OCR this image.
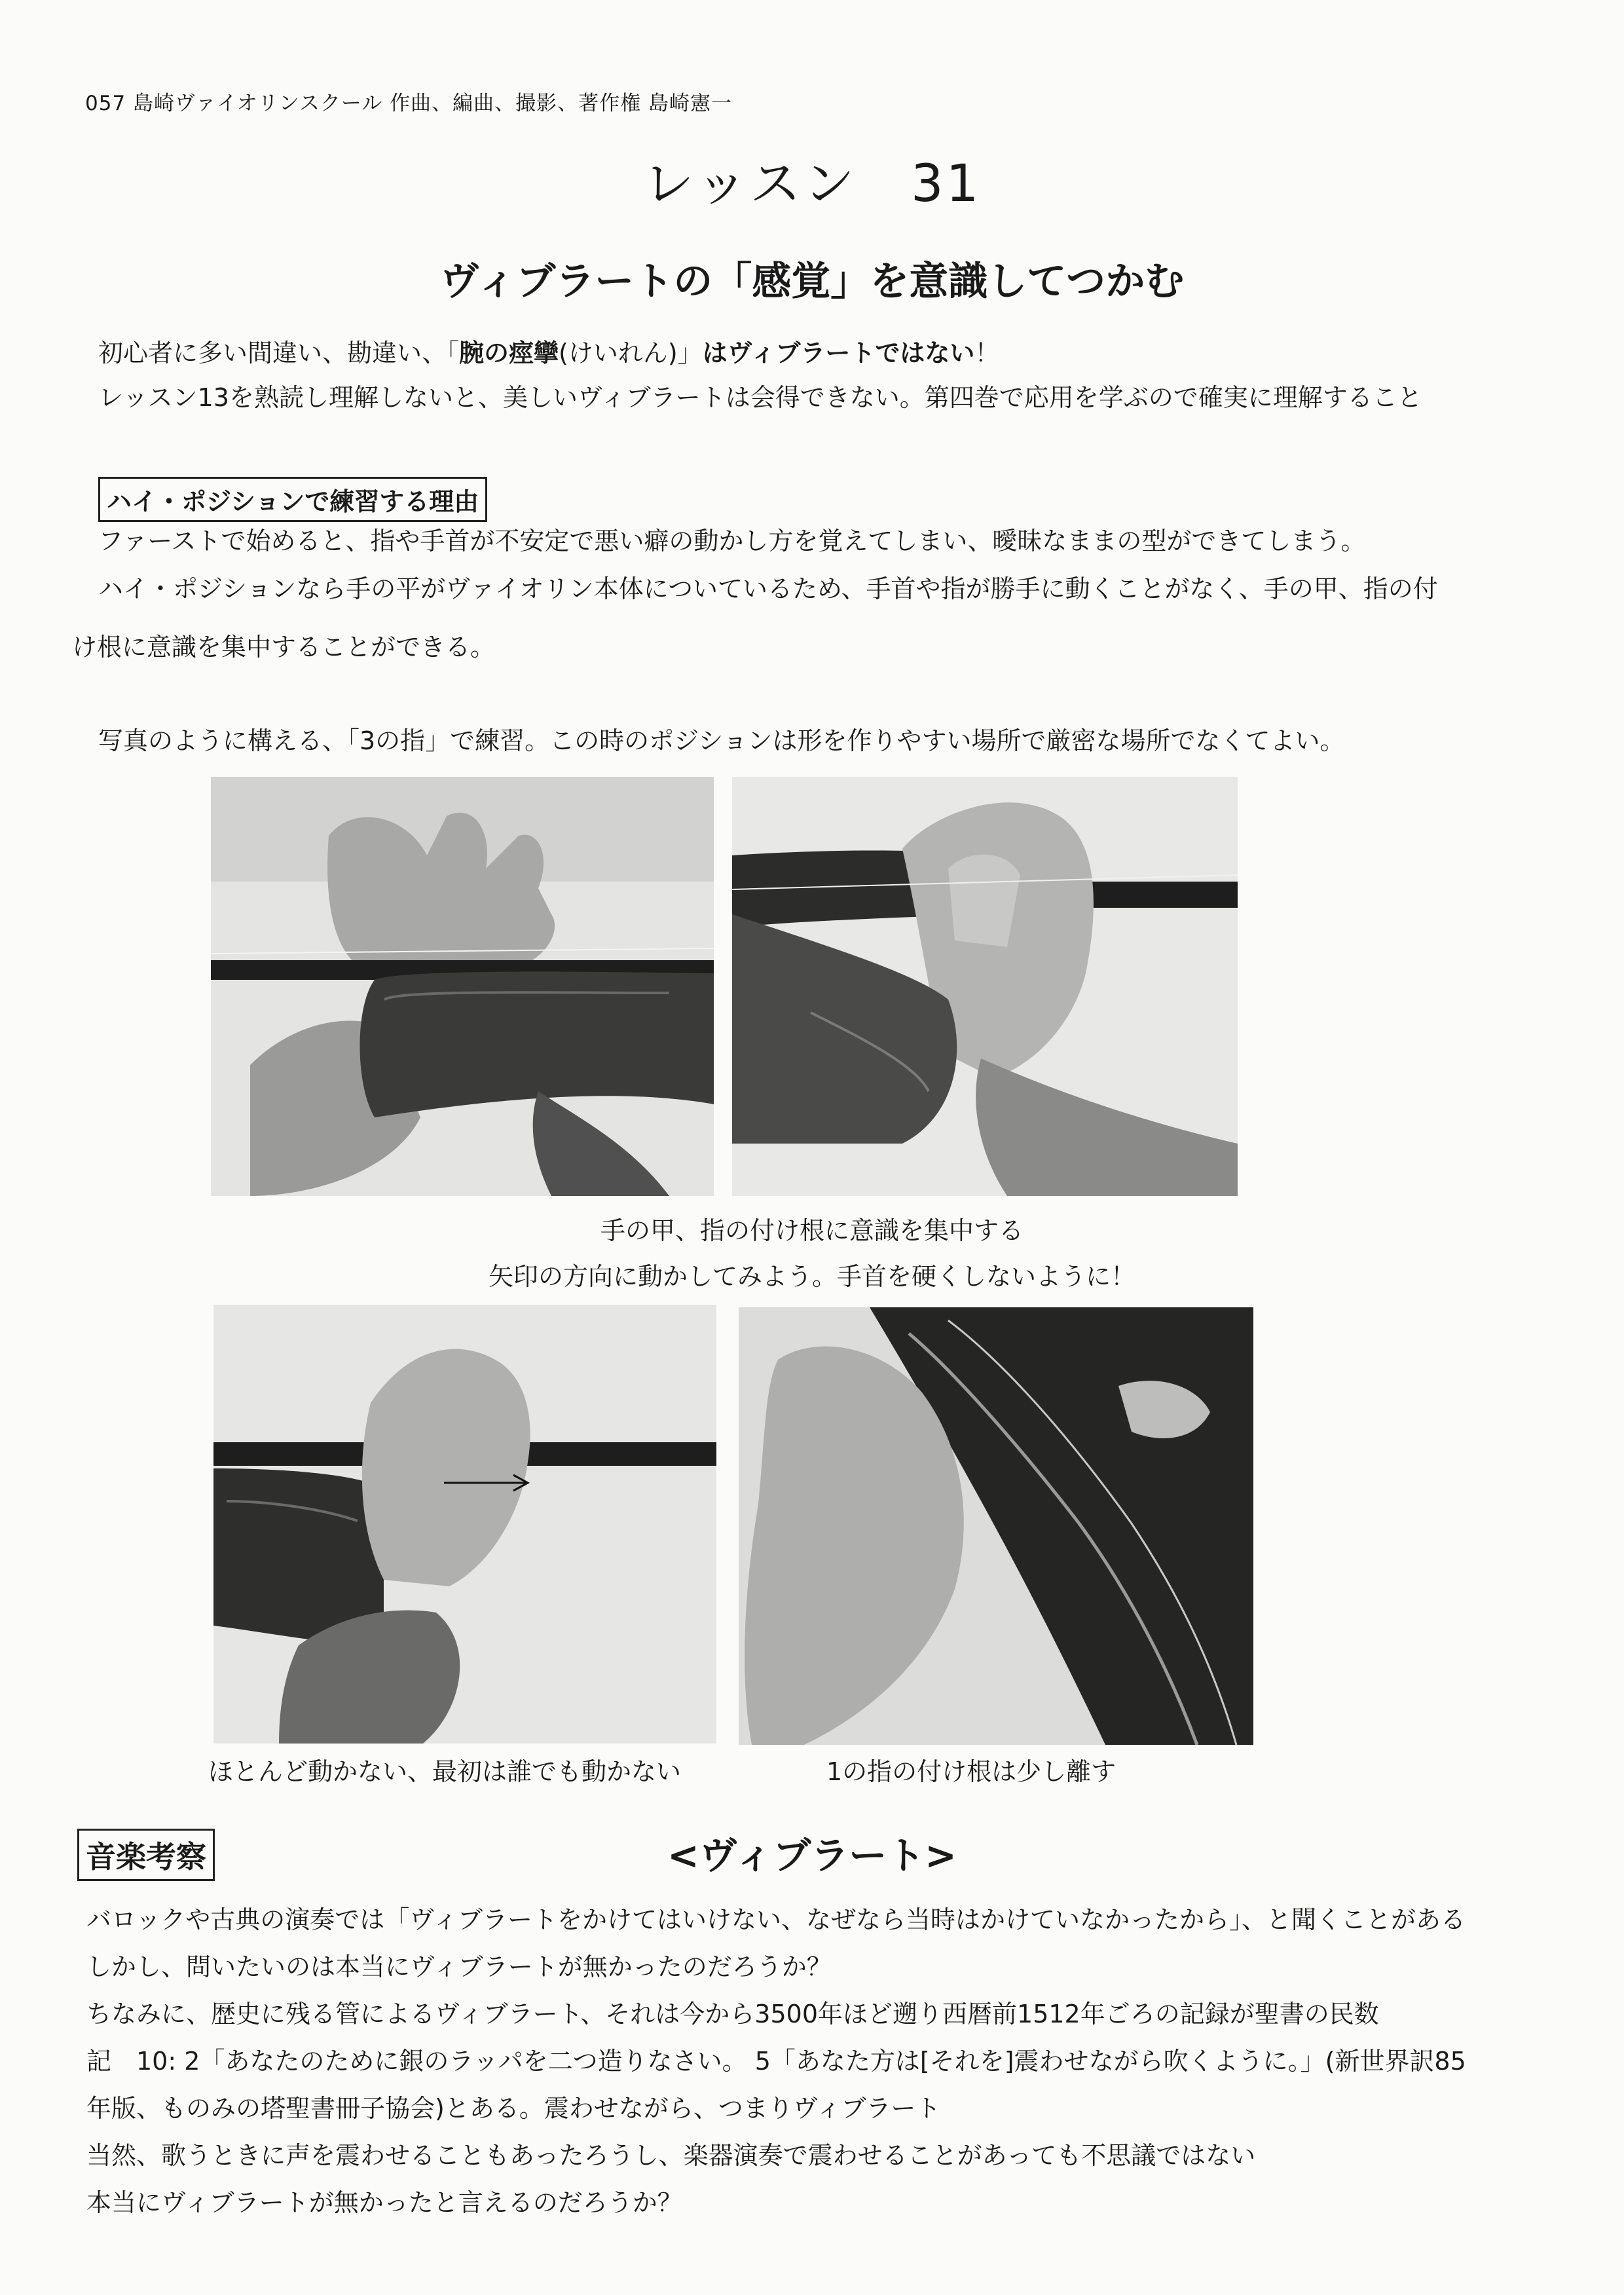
057 島崎ヴァイオリンスクール 作曲、編曲、撮影、著作権 島崎憲一
レッスン　31
ヴィブラートの「感覚」を意識してつかむ
初心者に多い間違い、勘違い、「腕の痙攣(けいれん)」はヴィブラートではない！
レッスン13を熟読し理解しないと、美しいヴィブラートは会得できない。第四巻で応用を学ぶので確実に理解すること
ハイ・ポジションで練習する理由
ファーストで始めると、指や手首が不安定で悪い癖の動かし方を覚えてしまい、曖昧なままの型ができてしまう。
ハイ・ポジションなら手の平がヴァイオリン本体についているため、手首や指が勝手に動くことがなく、手の甲、指の付
け根に意識を集中することができる。
写真のように構える、「3の指」で練習。この時のポジションは形を作りやすい場所で厳密な場所でなくてよい。
手の甲、指の付け根に意識を集中する
矢印の方向に動かしてみよう。手首を硬くしないように！
ほとんど動かない、最初は誰でも動かない	1の指の付け根は少し離す
音楽考察	<ヴィブラート>
バロックや古典の演奏では「ヴィブラートをかけてはいけない、なぜなら当時はかけていなかったから」、と聞くことがある
しかし、問いたいのは本当にヴィブラートが無かったのだろうか？
ちなみに、歴史に残る管によるヴィブラート、それは今から3500年ほど遡り西暦前1512年ごろの記録が聖書の民数
記　10: 2「あなたのために銀のラッパを二つ造りなさい。 5「あなた方は[それを]震わせながら吹くように。」(新世界訳85
年版、ものみの塔聖書冊子協会)とある。震わせながら、つまりヴィブラート
当然、歌うときに声を震わせることもあったろうし、楽器演奏で震わせることがあっても不思議ではない
本当にヴィブラートが無かったと言えるのだろうか？
